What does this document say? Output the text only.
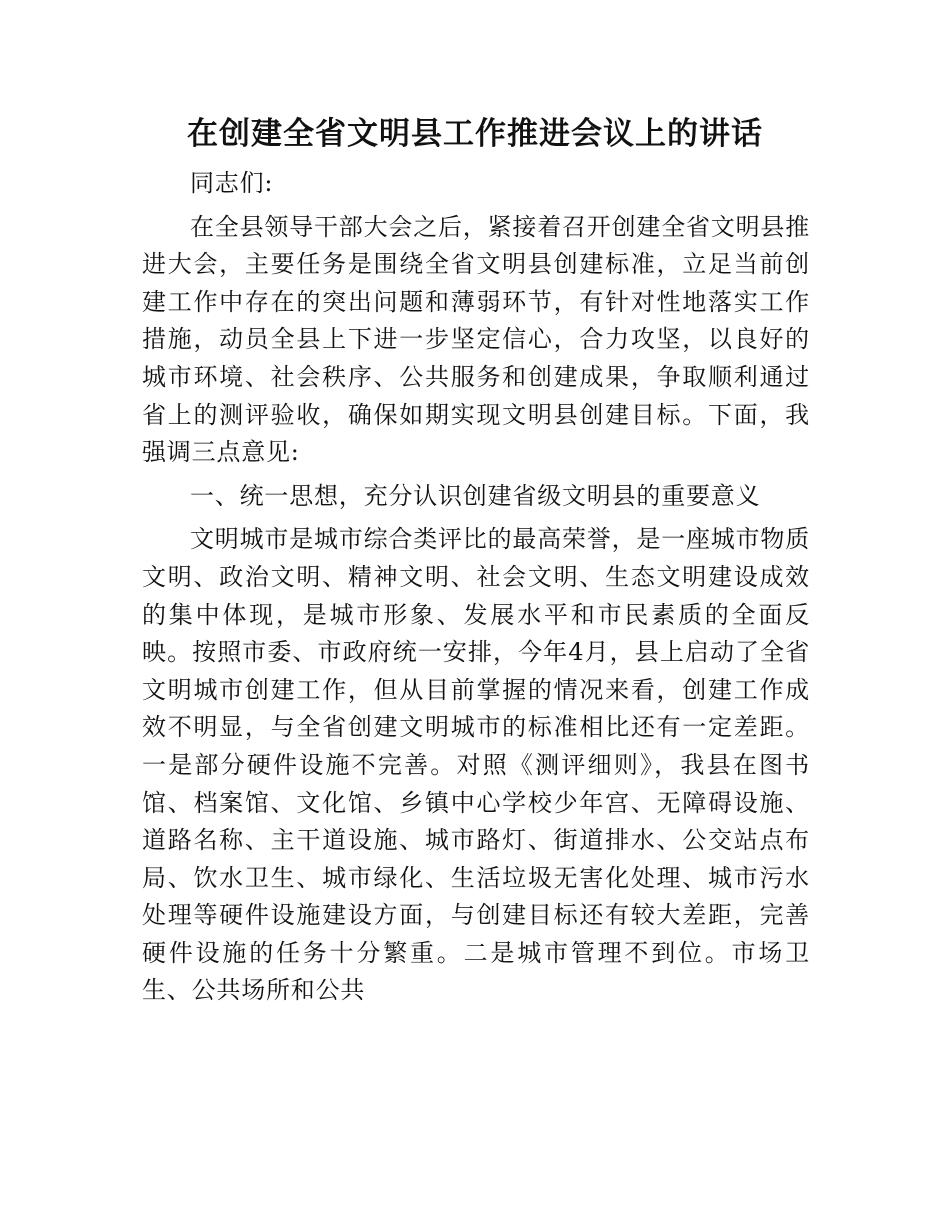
在创建全省文明县工作推进会议上的讲话

同志们:

在全县领导干部大会之后，紧接着召开创建全省文明县推进大会，主要任务是围绕全省文明县创建标准，立足当前创建工作中存在的突出问题和薄弱环节，有针对性地落实工作措施，动员全县上下进一步坚定信心，合力攻坚，以良好的城市环境、社会秩序、公共服务和创建成果，争取顺利通过省上的测评验收，确保如期实现文明县创建目标。下面，我强调三点意见:

一、统一思想，充分认识创建省级文明县的重要意义

文明城市是城市综合类评比的最高荣誉，是一座城市物质文明、政治文明、精神文明、社会文明、生态文明建设成效的集中体现，是城市形象、发展水平和市民素质的全面反映。按照市委、市政府统一安排，今年4月，县上启动了全省文明城市创建工作，但从目前掌握的情况来看，创建工作成效不明显，与全省创建文明城市的标准相比还有一定差距。一是部分硬件设施不完善。对照《测评细则》，我县在图书馆、档案馆、文化馆、乡镇中心学校少年宫、无障碍设施、道路名称、主干道设施、城市路灯、街道排水、公交站点布局、饮水卫生、城市绿化、生活垃圾无害化处理、城市污水处理等硬件设施建设方面，与创建目标还有较大差距，完善硬件设施的任务十分繁重。二是城市管理不到位。市场卫生、公共场所和公共
